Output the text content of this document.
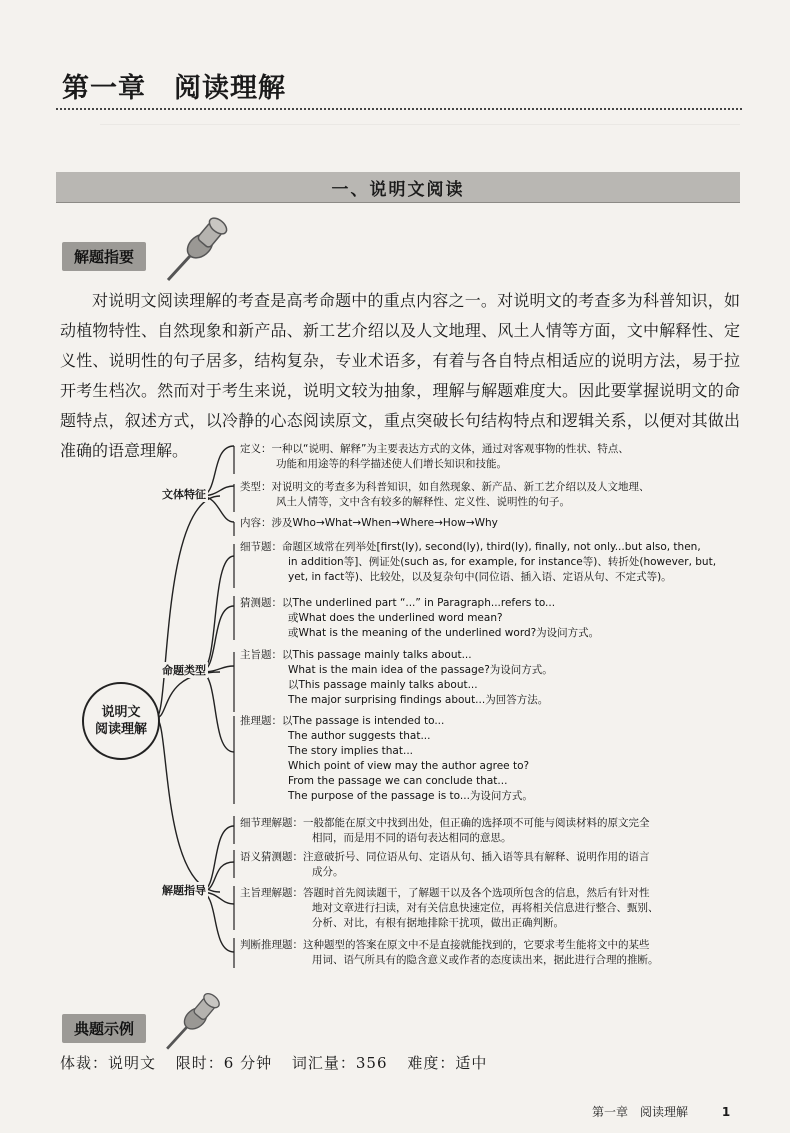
第一章　阅读理解
一、说明文阅读
解题指要
对说明文阅读理解的考查是高考命题中的重点内容之一。对说明文的考查多为科普知识，如动植物特性、自然现象和新产品、新工艺介绍以及人文地理、风土人情等方面，文中解释性、定义性、说明性的句子居多，结构复杂，专业术语多，有着与各自特点相适应的说明方法，易于拉开考生档次。然而对于考生来说，说明文较为抽象，理解与解题难度大。因此要掌握说明文的命题特点，叙述方式，以冷静的心态阅读原文，重点突破长句结构特点和逻辑关系，以便对其做出准确的语意理解。
说明文
阅读理解
文体特征
命题类型
解题指导
定义：一种以“说明、解释”为主要表达方式的文体，通过对客观事物的性状、特点、
功能和用途等的科学描述使人们增长知识和技能。
类型：对说明文的考查多为科普知识，如自然现象、新产品、新工艺介绍以及人文地理、
风土人情等，文中含有较多的解释性、定义性、说明性的句子。
内容：涉及Who→What→When→Where→How→Why
细节题：命题区域常在列举处[first(ly), second(ly), third(ly), finally, not only...but also, then,
in addition等]、例证处(such as, for example, for instance等)、转折处(however, but,
yet, in fact等)、比较处，以及复杂句中(同位语、插入语、定语从句、不定式等)。
猜测题：以The underlined part “...” in Paragraph...refers to...
或What does the underlined word mean?
或What is the meaning of the underlined word?为设问方式。
主旨题：以This passage mainly talks about...
What is the main idea of the passage?为设问方式。
以This passage mainly talks about...
The major surprising findings about...为回答方法。
推理题：以The passage is intended to...
The author suggests that...
The story implies that...
Which point of view may the author agree to?
From the passage we can conclude that...
The purpose of the passage is to...为设问方式。
细节理解题：一般都能在原文中找到出处，但正确的选择项不可能与阅读材料的原文完全
相同，而是用不同的语句表达相同的意思。
语义猜测题：注意破折号、同位语从句、定语从句、插入语等具有解释、说明作用的语言
成分。
主旨理解题：答题时首先阅读题干，了解题干以及各个选项所包含的信息，然后有针对性
地对文章进行扫读，对有关信息快速定位，再将相关信息进行整合、甄别、
分析、对比，有根有据地排除干扰项，做出正确判断。
判断推理题：这种题型的答案在原文中不是直接就能找到的，它要求考生能将文中的某些
用词、语气所具有的隐含意义或作者的态度读出来，据此进行合理的推断。
典题示例
体裁：说明文 限时：6 分钟 词汇量：356 难度：适中
第一章　阅读理解	1
